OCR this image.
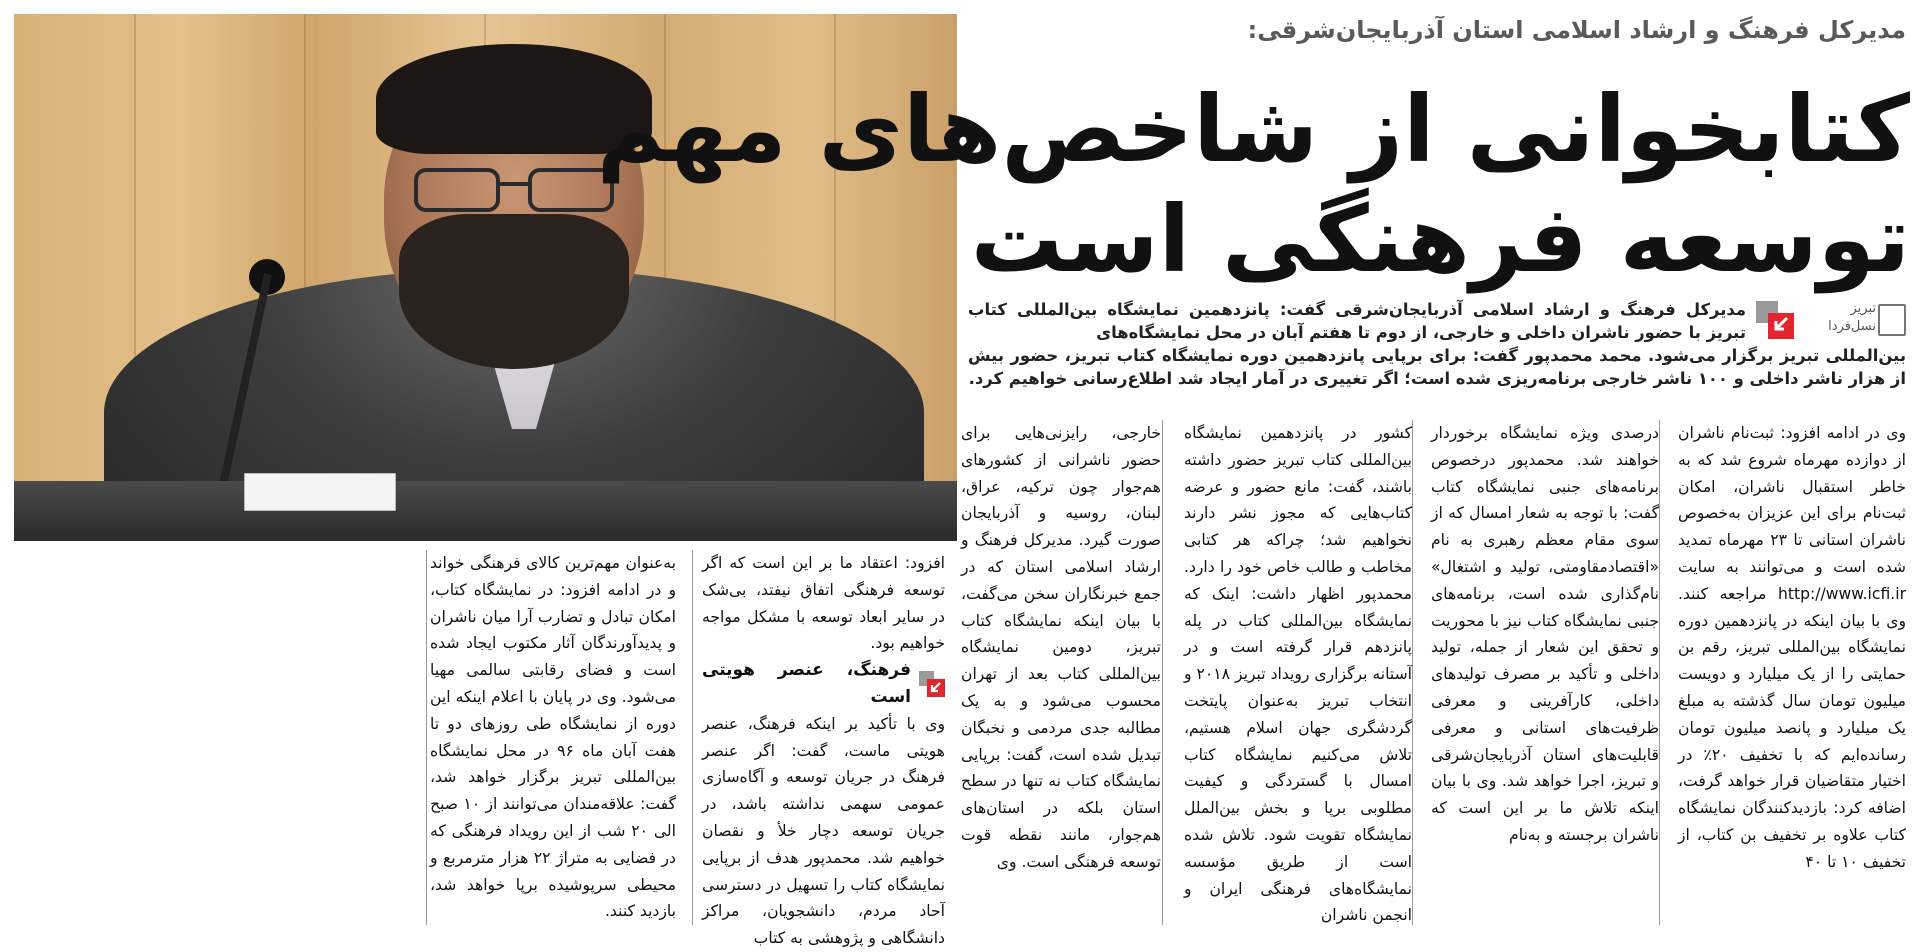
مدیرکل فرهنگ و ارشاد اسلامی استان آذربایجان‌شرقی:
کتابخوانی از شاخص‌های مهم
توسعه فرهنگی است
تبریز
نسل‌فردا
مدیرکل فرهنگ و ارشاد اسلامی آذربایجان‌شرقی گفت: پانزدهمین نمایشگاه بین‌المللی کتاب تبریز با حضور ناشران داخلی و خارجی، از دوم تا هفتم آبان در محل نمایشگاه‌های
بین‌المللی تبریز برگزار می‌شود. محمد محمدپور گفت: برای برپایی پانزدهمین دوره نمایشگاه کتاب تبریز، حضور بیش از هزار ناشر داخلی و ۱۰۰ ناشر خارجی برنامه‌ریزی شده است؛ اگر تغییری در آمار ایجاد شد اطلاع‌رسانی خواهیم کرد.
وی در ادامه افزود: ثبت‌نام ناشران از دوازده مهرماه شروع شد که به خاطر استقبال ناشران، امکان ثبت‌نام برای این عزیزان به‌خصوص ناشران استانی تا ۲۳ مهرماه تمدید شده است و می‌توانند به سایت http://www.icfi.ir مراجعه کنند. وی با بیان اینکه در پانزدهمین دوره نمایشگاه بین‌المللی تبریز، رقم بن حمایتی را از یک میلیارد و دویست میلیون تومان سال گذشته به مبلغ یک میلیارد و پانصد میلیون تومان رسانده‌ایم که با تخفیف ۲۰٪ در اختیار متقاضیان قرار خواهد گرفت، اضافه کرد: بازدیدکنندگان نمایشگاه کتاب علاوه بر تخفیف بن کتاب، از تخفیف ۱۰ تا ۴۰
درصدی ویژه نمایشگاه برخوردار خواهند شد. محمدپور درخصوص برنامه‌های جنبی نمایشگاه کتاب گفت: با توجه به شعار امسال که از سوی مقام معظم رهبری به نام «اقتصادمقاومتی، تولید و اشتغال» نام‌گذاری شده است، برنامه‌های جنبی نمایشگاه کتاب نیز با محوریت و تحقق این شعار از جمله، تولید داخلی و تأکید بر مصرف تولیدهای داخلی، کارآفرینی و معرفی ظرفیت‌های استانی و معرفی قابلیت‌های استان آذربایجان‌شرقی و تبریز، اجرا خواهد شد. وی با بیان اینکه تلاش ما بر این است که ناشران برجسته و به‌نام
کشور در پانزدهمین نمایشگاه بین‌المللی کتاب تبریز حضور داشته باشند، گفت: مانع حضور و عرضه کتاب‌هایی که مجوز نشر دارند نخواهیم شد؛ چراکه هر کتابی مخاطب و طالب خاص خود را دارد. محمدپور اظهار داشت: اینک که نمایشگاه بین‌المللی کتاب در پله پانزدهم قرار گرفته است و در آستانه برگزاری رویداد تبریز ۲۰۱۸ و انتخاب تبریز به‌عنوان پایتخت گردشگری جهان اسلام هستیم، تلاش می‌کنیم نمایشگاه کتاب امسال با گستردگی و کیفیت مطلوبی برپا و بخش بین‌الملل نمایشگاه تقویت شود. تلاش شده است از طریق مؤسسه نمایشگاه‌های فرهنگی ایران و انجمن ناشران
خارجی، رایزنی‌هایی برای حضور ناشرانی از کشورهای هم‌جوار چون ترکیه، عراق، لبنان، روسیه و آذربایجان صورت گیرد. مدیرکل فرهنگ و ارشاد اسلامی استان که در جمع خبرنگاران سخن می‌گفت، با بیان اینکه نمایشگاه کتاب تبریز، دومین نمایشگاه بین‌المللی کتاب بعد از تهران محسوب می‌شود و به یک مطالبه جدی مردمی و نخبگان تبدیل شده است، گفت: برپایی نمایشگاه کتاب نه تنها در سطح استان بلکه در استان‌های هم‌جوار، مانند نقطه قوت توسعه فرهنگی است. وی
افزود: اعتقاد ما بر این است که اگر توسعه فرهنگی اتفاق نیفتد، بی‌شک در سایر ابعاد توسعه با مشکل مواجه خواهیم بود.
فرهنگ، عنصر هویتی است
وی با تأکید بر اینکه فرهنگ، عنصر هویتی ماست، گفت: اگر عنصر فرهنگ در جریان توسعه و آگاه‌سازی عمومی سهمی نداشته باشد، در جریان توسعه دچار خلأ و نقصان خواهیم شد. محمدپور هدف از برپایی نمایشگاه کتاب را تسهیل در دسترسی آحاد مردم، دانشجویان، مراکز دانشگاهی و پژوهشی به کتاب
به‌عنوان مهم‌ترین کالای فرهنگی خواند و در ادامه افزود: در نمایشگاه کتاب، امکان تبادل و تضارب آرا میان ناشران و پدیدآورندگان آثار مکتوب ایجاد شده است و فضای رقابتی سالمی مهیا می‌شود. وی در پایان با اعلام اینکه این دوره از نمایشگاه طی روزهای دو تا هفت آبان ماه ۹۶ در محل نمایشگاه بین‌المللی تبریز برگزار خواهد شد، گفت: علاقه‌مندان می‌توانند از ۱۰ صبح الی ۲۰ شب از این رویداد فرهنگی که در فضایی به متراژ ۲۲ هزار مترمربع و محیطی سرپوشیده برپا خواهد شد، بازدید کنند.
